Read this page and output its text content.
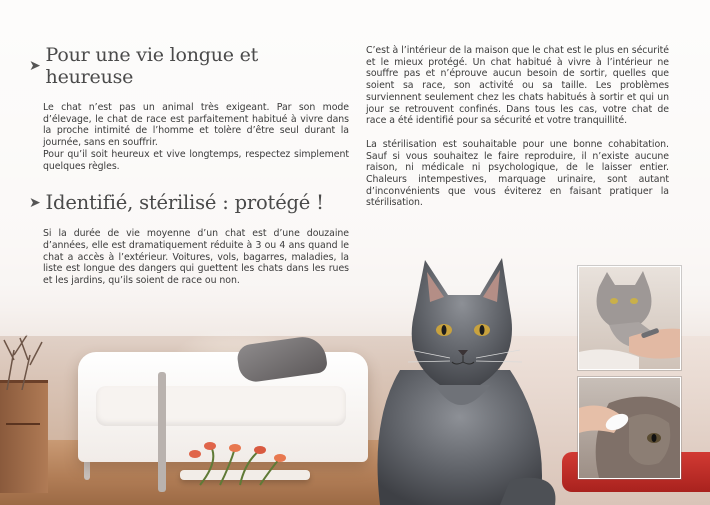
➤ Pour une vie longue et heureuse

Le chat n’est pas un animal très exigeant. Par son mode d’élevage, le chat de race est parfaitement habitué à vivre dans la proche intimité de l’homme et tolère d’être seul durant la journée, sans en souffrir.

Pour qu’il soit heureux et vive longtemps, respectez simplement quelques règles.

➤ Identifié, stérilisé : protégé !

Si la durée de vie moyenne d’un chat est d’une douzaine d’années, elle est dramatiquement réduite à 3 ou 4 ans quand le chat a accès à l’extérieur. Voitures, vols, bagarres, maladies, la liste est longue des dangers qui guettent les chats dans les rues et les jardins, qu’ils soient de race ou non.

C’est à l’intérieur de la maison que le chat est le plus en sécurité et le mieux protégé. Un chat habitué à vivre à l’intérieur ne souffre pas et n’éprouve aucun besoin de sortir, quelles que soient sa race, son activité ou sa taille. Les problèmes surviennent seulement chez les chats habitués à sortir et qui un jour se retrouvent confinés. Dans tous les cas, votre chat de race a été identifié pour sa sécurité et votre tranquillité.

La stérilisation est souhaitable pour une bonne cohabitation. Sauf si vous souhaitez le faire reproduire, il n’existe aucune raison, ni médicale ni psychologique, de le laisser entier. Chaleurs intempestives, marquage urinaire, sont autant d’inconvénients que vous éviterez en faisant pratiquer la stérilisation.
